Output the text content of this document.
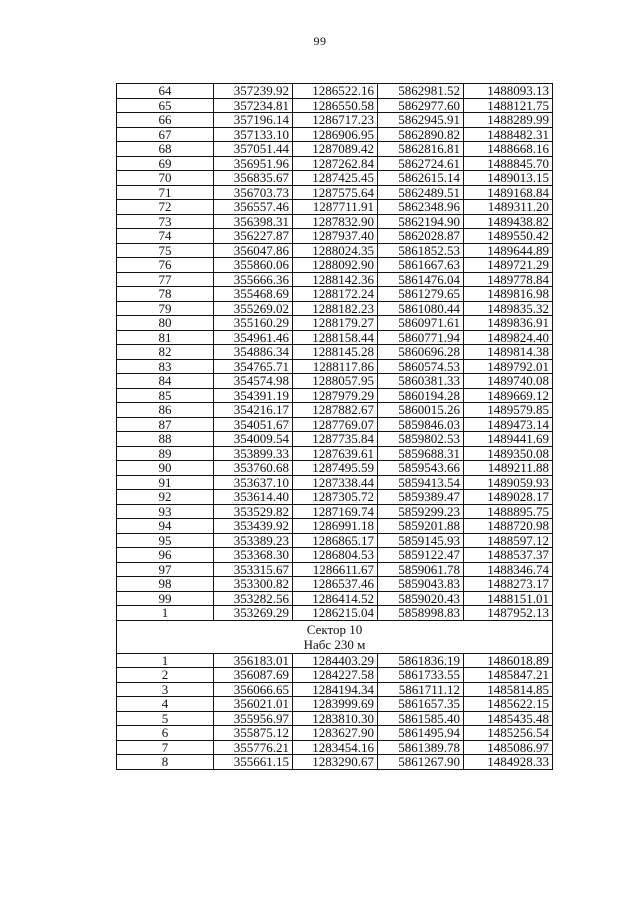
99
64	357239.92	1286522.16	5862981.52	1488093.13
65	357234.81	1286550.58	5862977.60	1488121.75
66	357196.14	1286717.23	5862945.91	1488289.99
67	357133.10	1286906.95	5862890.82	1488482.31
68	357051.44	1287089.42	5862816.81	1488668.16
69	356951.96	1287262.84	5862724.61	1488845.70
70	356835.67	1287425.45	5862615.14	1489013.15
71	356703.73	1287575.64	5862489.51	1489168.84
72	356557.46	1287711.91	5862348.96	1489311.20
73	356398.31	1287832.90	5862194.90	1489438.82
74	356227.87	1287937.40	5862028.87	1489550.42
75	356047.86	1288024.35	5861852.53	1489644.89
76	355860.06	1288092.90	5861667.63	1489721.29
77	355666.36	1288142.36	5861476.04	1489778.84
78	355468.69	1288172.24	5861279.65	1489816.98
79	355269.02	1288182.23	5861080.44	1489835.32
80	355160.29	1288179.27	5860971.61	1489836.91
81	354961.46	1288158.44	5860771.94	1489824.40
82	354886.34	1288145.28	5860696.28	1489814.38
83	354765.71	1288117.86	5860574.53	1489792.01
84	354574.98	1288057.95	5860381.33	1489740.08
85	354391.19	1287979.29	5860194.28	1489669.12
86	354216.17	1287882.67	5860015.26	1489579.85
87	354051.67	1287769.07	5859846.03	1489473.14
88	354009.54	1287735.84	5859802.53	1489441.69
89	353899.33	1287639.61	5859688.31	1489350.08
90	353760.68	1287495.59	5859543.66	1489211.88
91	353637.10	1287338.44	5859413.54	1489059.93
92	353614.40	1287305.72	5859389.47	1489028.17
93	353529.82	1287169.74	5859299.23	1488895.75
94	353439.92	1286991.18	5859201.88	1488720.98
95	353389.23	1286865.17	5859145.93	1488597.12
96	353368.30	1286804.53	5859122.47	1488537.37
97	353315.67	1286611.67	5859061.78	1488346.74
98	353300.82	1286537.46	5859043.83	1488273.17
99	353282.56	1286414.52	5859020.43	1488151.01
1	353269.29	1286215.04	5858998.83	1487952.13

Сектор 10
Набс 230 м				

1	356183.01	1284403.29	5861836.19	1486018.89
2	356087.69	1284227.58	5861733.55	1485847.21
3	356066.65	1284194.34	5861711.12	1485814.85
4	356021.01	1283999.69	5861657.35	1485622.15
5	355956.97	1283810.30	5861585.40	1485435.48
6	355875.12	1283627.90	5861495.94	1485256.54
7	355776.21	1283454.16	5861389.78	1485086.97
8	355661.15	1283290.67	5861267.90	1484928.33
